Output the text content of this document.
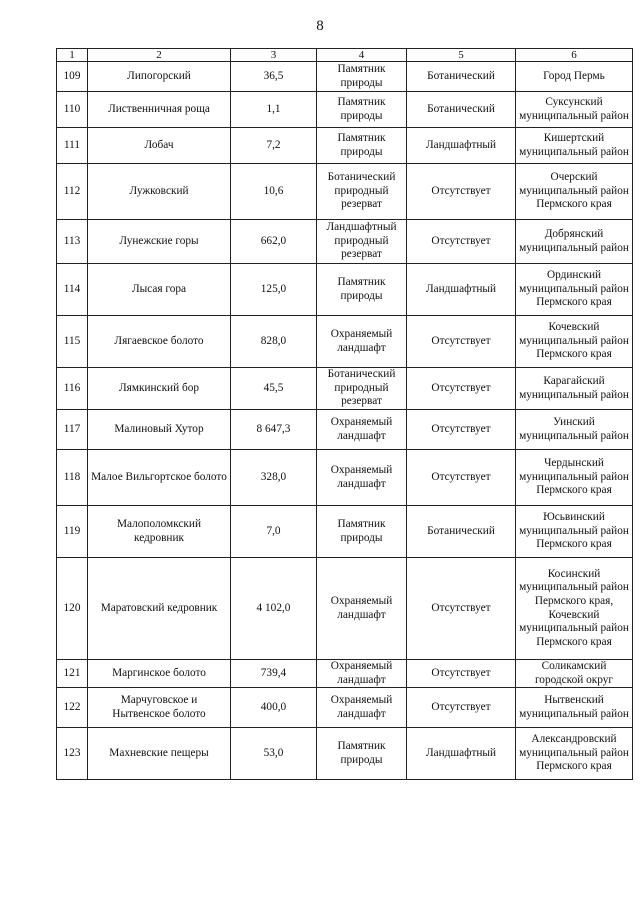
8
1	2	3	4	5	6
109	Липогорский	36,5	Памятник природы	Ботанический	Город Пермь
110	Лиственничная роща	1,1	Памятник природы	Ботанический	Суксунский муниципальный район
111	Лобач	7,2	Памятник природы	Ландшафтный	Кишертский муниципальный район
112	Лужковский	10,6	Ботанический природный резерват	Отсутствует	Очерский муниципальный район Пермского края
113	Лунежские горы	662,0	Ландшафтный природный резерват	Отсутствует	Добрянский муниципальный район
114	Лысая гора	125,0	Памятник природы	Ландшафтный	Ординский муниципальный район Пермского края
115	Лягаевское болото	828,0	Охраняемый ландшафт	Отсутствует	Кочевский муниципальный район Пермского края
116	Лямкинский бор	45,5	Ботанический природный резерват	Отсутствует	Карагайский муниципальный район
117	Малиновый Хутор	8 647,3	Охраняемый ландшафт	Отсутствует	Уинский муниципальный район
118	Малое Вильгортское болото	328,0	Охраняемый ландшафт	Отсутствует	Чердынский муниципальный район Пермского края
119	Малополомкский кедровник	7,0	Памятник природы	Ботанический	Юсьвинский муниципальный район Пермского края
120	Маратовский кедровник	4 102,0	Охраняемый ландшафт	Отсутствует	Косинский муниципальный район Пермского края, Кочевский муниципальный район Пермского края
121	Маргинское болото	739,4	Охраняемый ландшафт	Отсутствует	Соликамский городской округ
122	Марчуговское и Нытвенское болото	400,0	Охраняемый ландшафт	Отсутствует	Нытвенский муниципальный район
123	Махневские пещеры	53,0	Памятник природы	Ландшафтный	Александровский муниципальный район Пермского края
